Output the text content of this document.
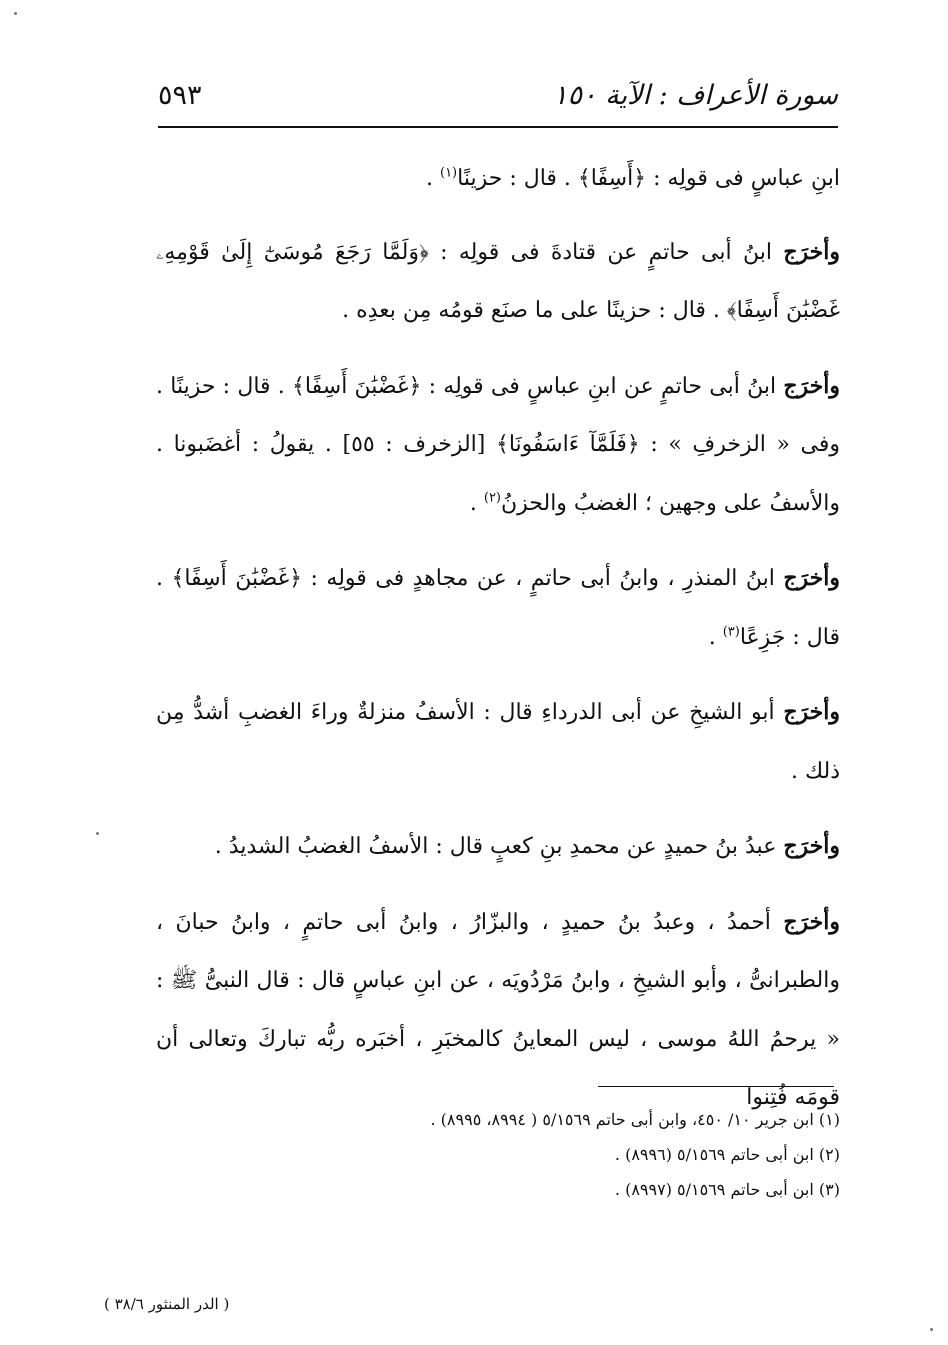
سورة الأعراف : الآية ١٥٠
٥٩٣

ابنِ عباسٍ فى قولِه : ﴿أَسِفًا﴾ . قال : حزينًا$^{(١)}$ .

وأخرَج ابنُ أبى حاتمٍ عن قتادةَ فى قولِه : ﴿وَلَمَّا رَجَعَ مُوسَىٰٓ إِلَىٰ قَوْمِهِۦ غَضْبَٰنَ أَسِفًا﴾ . قال : حزينًا على ما صنَع قومُه مِن بعدِه .

وأخرَج ابنُ أبى حاتمٍ عن ابنِ عباسٍ فى قولِه : ﴿غَضْبَٰنَ أَسِفًا﴾ . قال : حزينًا . وفى « الزخرفِ » : ﴿فَلَمَّآ ءَاسَفُونَا﴾ [الزخرف : ٥٥] . يقولُ : أغضَبونا . والأسفُ على وجهين ؛ الغضبُ والحزنُ$^{(٢)}$ .

وأخرَج ابنُ المنذرِ ، وابنُ أبى حاتمٍ ، عن مجاهدٍ فى قولِه : ﴿غَضْبَٰنَ أَسِفًا﴾ . قال : جَزِعًا$^{(٣)}$ .

وأخرَج أبو الشيخِ عن أبى الدرداءِ قال : الأسفُ منزلةٌ وراءَ الغضبِ أشدُّ مِن ذلك .

وأخرَج عبدُ بنُ حميدٍ عن محمدِ بنِ كعبٍ قال : الأسفُ الغضبُ الشديدُ .

وأخرَج أحمدُ ، وعبدُ بنُ حميدٍ ، والبزّارُ ، وابنُ أبى حاتمٍ ، وابنُ حبانَ ، والطبرانىُّ ، وأبو الشيخِ ، وابنُ مَرْدُويَه ، عن ابنِ عباسٍ قال : قال النبىُّ ﷺ : « يرحمُ اللهُ موسى ، ليس المعاينُ كالمخبَرِ ، أخبَره ربُّه تباركَ وتعالى أن قومَه فُتِنوا

(١) ابن جرير ١٠/ ٤٥٠، وابن أبى حاتم ٥/١٥٦٩ ( ٨٩٩٤، ٨٩٩٥) .

(٢) ابن أبى حاتم ٥/١٥٦٩ (٨٩٩٦) .

(٣) ابن أبى حاتم ٥/١٥٦٩ (٨٩٩٧) .

( الدر المنثور ٣٨/٦ )
